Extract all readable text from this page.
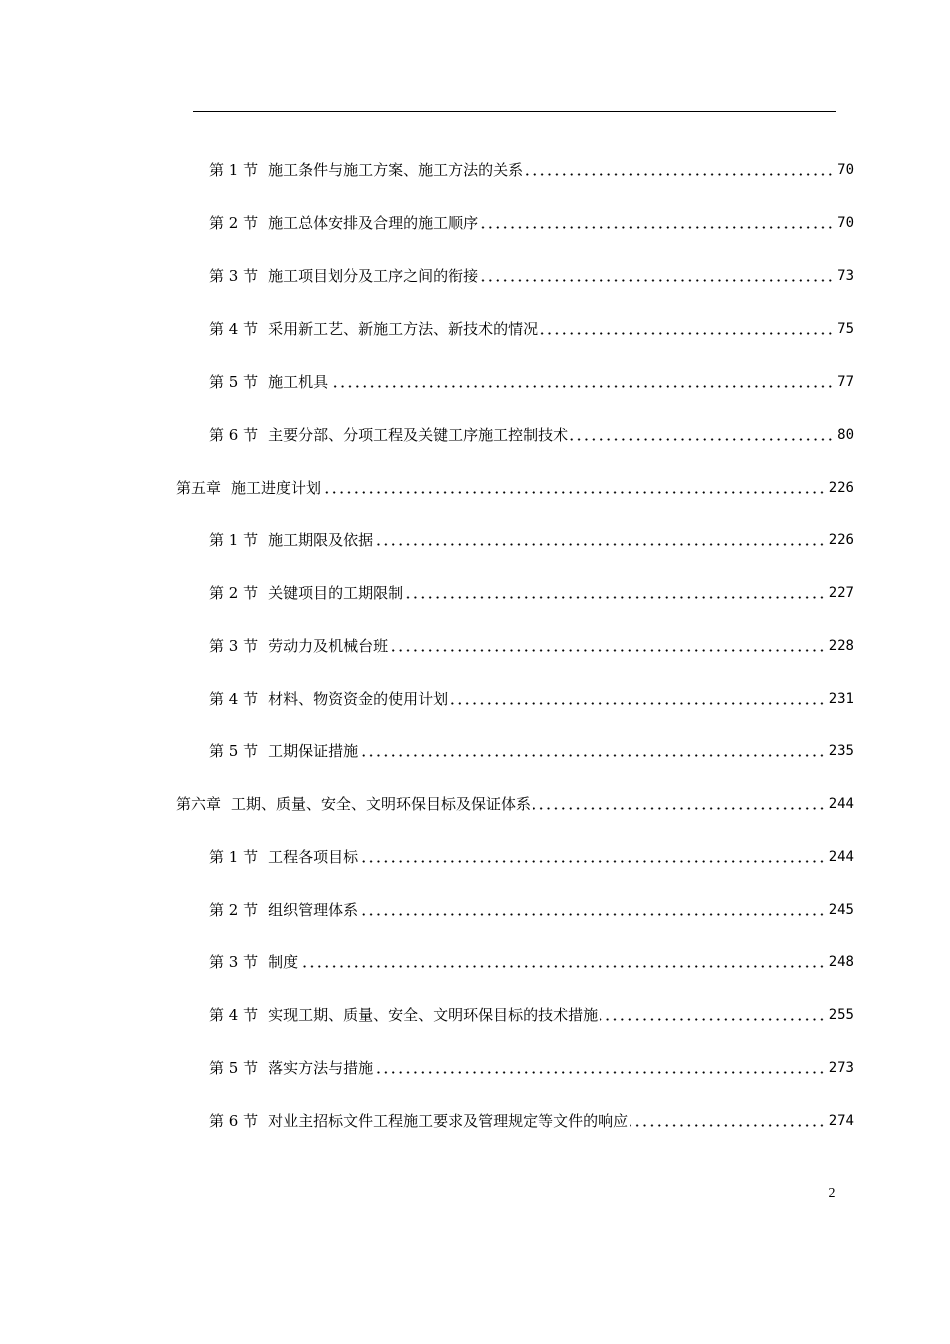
第 1 节 施工条件与施工方案、施工方法的关系	70
第 2 节 施工总体安排及合理的施工顺序	70
第 3 节 施工项目划分及工序之间的衔接	73
第 4 节 采用新工艺、新施工方法、新技术的情况	75
第 5 节 施工机具	77
第 6 节 主要分部、分项工程及关键工序施工控制技术	80
第五章 施工进度计划	226
第 1 节 施工期限及依据	226
第 2 节 关键项目的工期限制	227
第 3 节 劳动力及机械台班	228
第 4 节 材料、物资资金的使用计划	231
第 5 节 工期保证措施	235
第六章 工期、质量、安全、文明环保目标及保证体系	244
第 1 节 工程各项目标	244
第 2 节 组织管理体系	245
第 3 节 制度	248
第 4 节 实现工期、质量、安全、文明环保目标的技术措施	255
第 5 节 落实方法与措施	273
第 6 节 对业主招标文件工程施工要求及管理规定等文件的响应	274
2
